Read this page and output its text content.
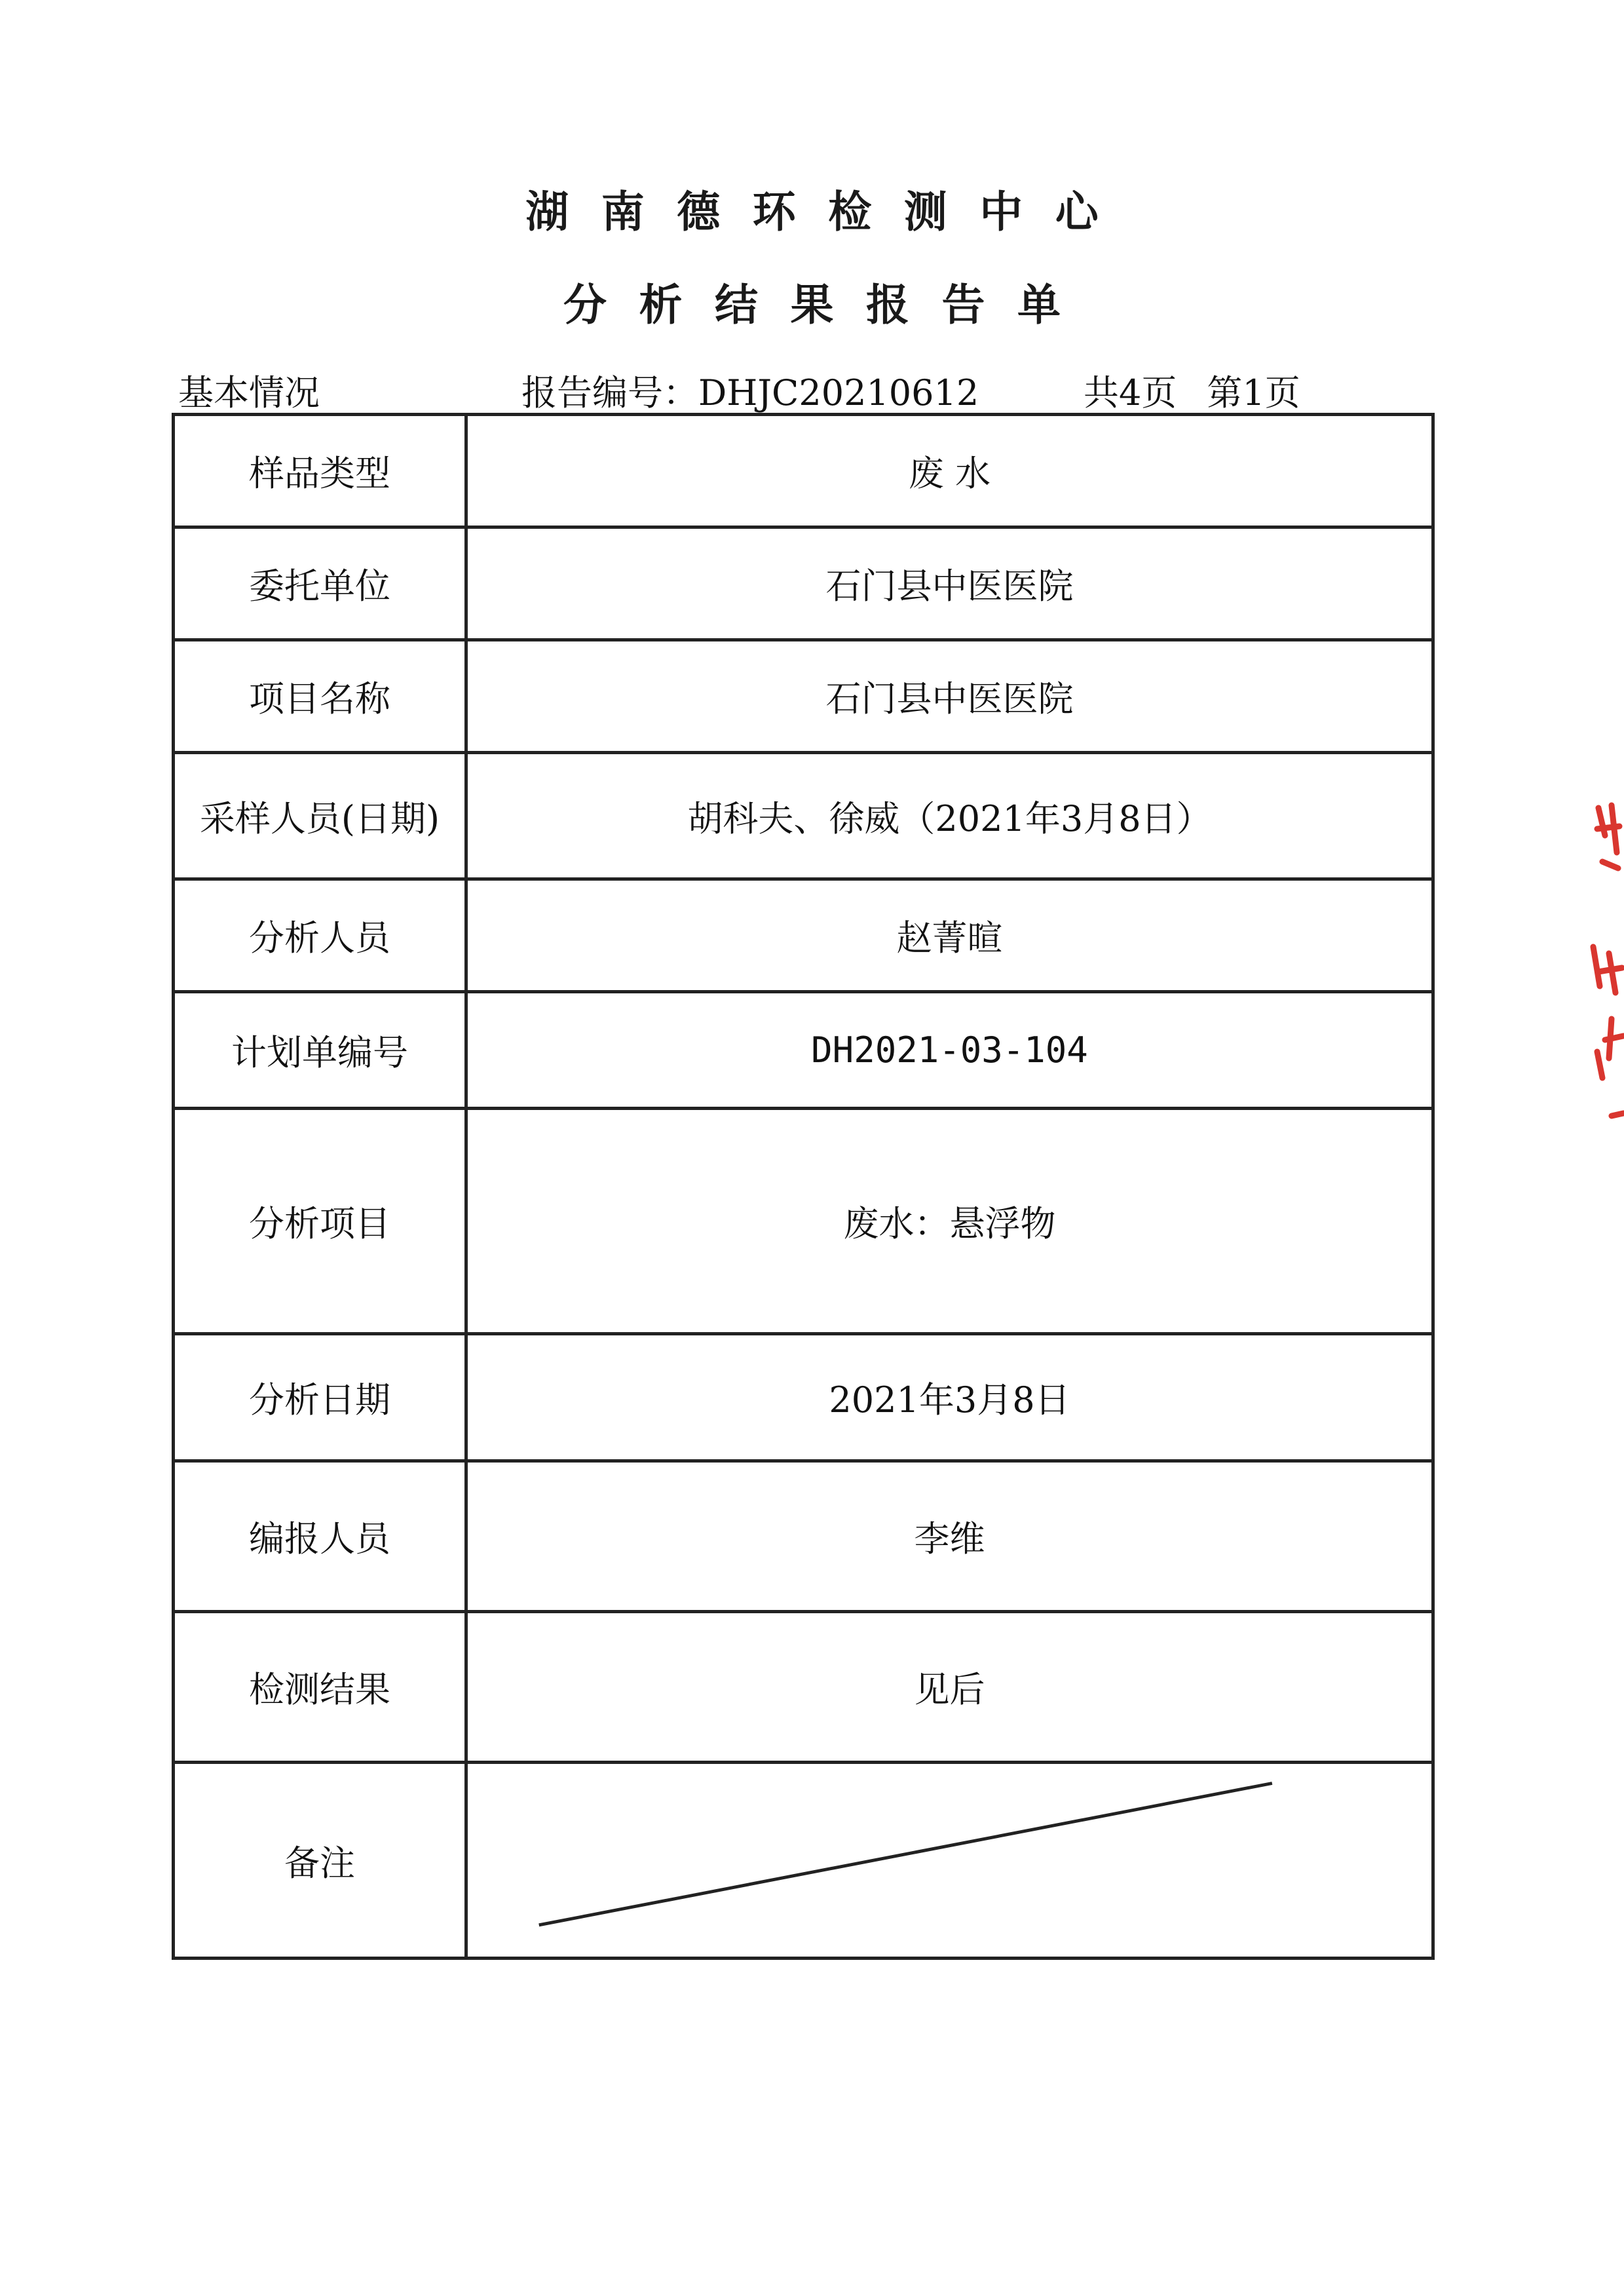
湖南德环检测中心
分析结果报告单
基本情况	报告编号：DHJC20210612	共4页 第1页
样品类型	废 水
委托单位	石门县中医医院
项目名称	石门县中医医院
采样人员(日期)	胡科夫、徐威（2021年3月8日）
分析人员	赵菁暄
计划单编号	DH2021-03-104
分析项目	废水：悬浮物
分析日期	2021年3月8日
编报人员	李维
检测结果	见后
备注	
